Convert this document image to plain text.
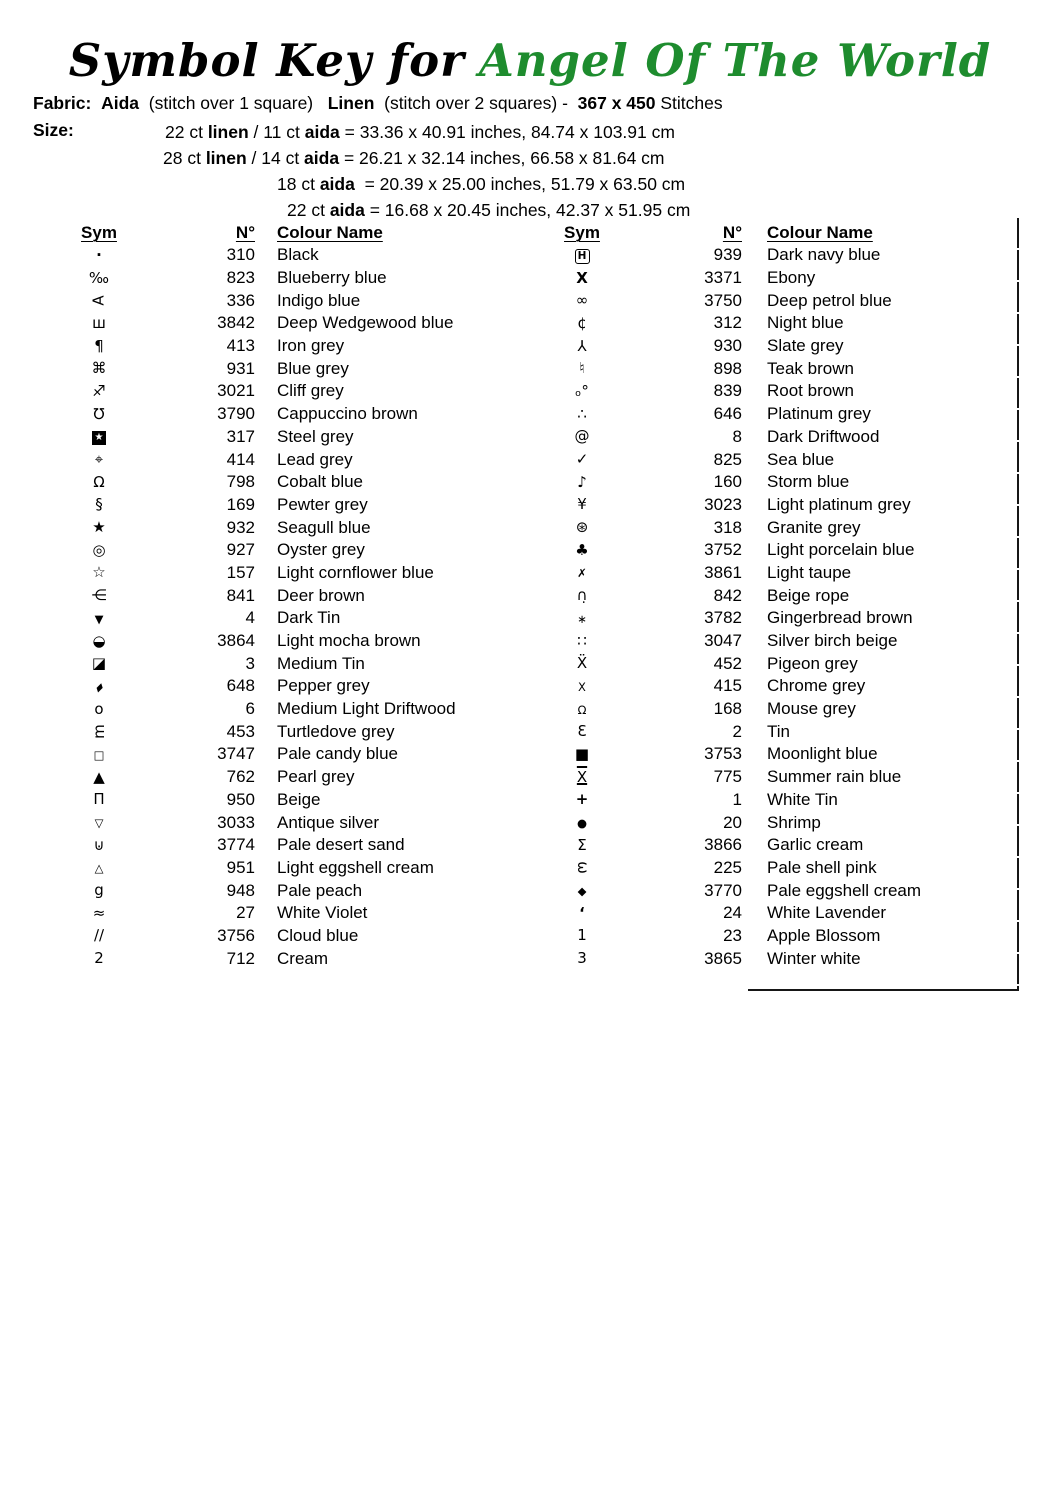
Symbol Key for Angel Of The World
Fabric: Aida  (stitch over 1 square)   Linen  (stitch over 2 squares) -  367 x 450 Stitches
Size:	22 ct linen / 11 ct aida = 33.36 x 40.91 inches, 84.74 x 103.91 cm
28 ct linen / 14 ct aida = 26.21 x 32.14 inches, 66.58 x 81.64 cm
18 ct aida  = 20.39 x 25.00 inches, 51.79 x 63.50 cm
22 ct aida = 16.68 x 20.45 inches, 42.37 x 51.95 cm
Sym	N°	Colour Name
·	310	Black
‰	823	Blueberry blue
A	336	Indigo blue
ш	3842	Deep Wedgewood blue
¶	413	Iron grey
⌘	931	Blue grey
♐	3021	Cliff grey
℧	3790	Cappuccino brown
★	317	Steel grey
⌖	414	Lead grey
Ω	798	Cobalt blue
§	169	Pewter grey
★	932	Seagull blue
◎	927	Oyster grey
☆	157	Light cornflower blue
⋲	841	Deer brown
▼	4	Dark Tin
◒	3864	Light mocha brown
◪	3	Medium Tin
▰	648	Pepper grey
o	6	Medium Light Driftwood
m	453	Turtledove grey
□	3747	Pale candy blue
▲	762	Pearl grey
Π	950	Beige
▽	3033	Antique silver
⊍	3774	Pale desert sand
△	951	Light eggshell cream
g	948	Pale peach
≈	27	White Violet
∕∕	3756	Cloud blue
2	712	Cream
Sym	N°	Colour Name
H	939	Dark navy blue
X	3371	Ebony
∞	3750	Deep petrol blue
¢	312	Night blue
⅄	930	Slate grey
♮	898	Teak brown
ₒ°	839	Root brown
∴	646	Platinum grey
@	8	Dark Driftwood
✓	825	Sea blue
♪	160	Storm blue
¥	3023	Light platinum grey
⊛	318	Granite grey
♣	3752	Light porcelain blue
✗	3861	Light taupe
∩̣	842	Beige rope
∗	3782	Gingerbread brown
∷	3047	Silver birch beige
Ẍ	452	Pigeon grey
X	415	Chrome grey
Ω	168	Mouse grey
Ɛ	2	Tin
■	3753	Moonlight blue
X	775	Summer rain blue
+	1	White Tin
●	20	Shrimp
Σ	3866	Garlic cream
ω	225	Pale shell pink
◆	3770	Pale eggshell cream
‘	24	White Lavender
1	23	Apple Blossom
3	3865	Winter white
